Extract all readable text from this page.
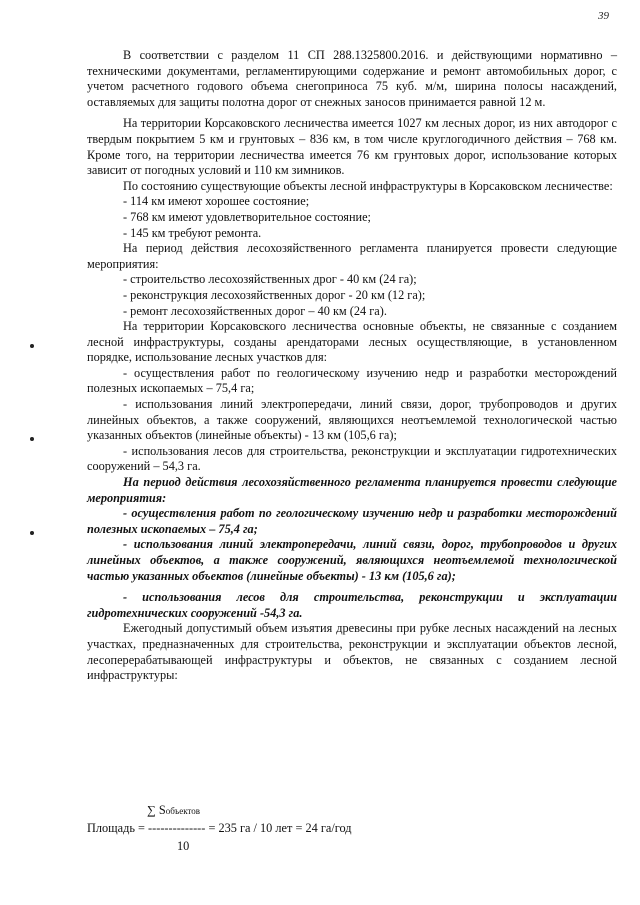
39

В соответствии с разделом 11 СП 288.1325800.2016. и действующими нормативно – техническими документами, регламентирующими содержание и ремонт автомобильных дорог, с учетом расчетного годового объема снегоприноса 75 куб. м/м, ширина полосы насаждений, оставляемых для защиты полотна дорог от снежных заносов принимается равной 12 м.

На территории Корсаковского лесничества имеется 1027 км лесных дорог, из них автодорог с твердым покрытием 5 км и грунтовых – 836 км, в том числе круглогодичного действия – 768 км. Кроме того, на территории лесничества имеется 76 км грунтовых дорог, использование которых зависит от погодных условий и 110 км зимников.

По состоянию существующие объекты лесной инфраструктуры в Корсаковском лесничестве:

- 114 км имеют хорошее состояние;

- 768 км имеют удовлетворительное состояние;

- 145 км требуют ремонта.

На период действия лесохозяйственного регламента планируется провести следующие мероприятия:

- строительство лесохозяйственных дрог - 40 км (24 га);

- реконструкция лесохозяйственных дорог - 20 км (12 га);

- ремонт лесохозяйственных дорог – 40 км (24 га).

На территории Корсаковского лесничества основные объекты, не связанные с созданием лесной инфраструктуры, созданы арендаторами лесных осуществляющие, в установленном порядке, использование лесных участков для:

- осуществления работ по геологическому изучению недр и разработки месторождений полезных ископаемых – 75,4 га;

- использования линий электропередачи, линий связи, дорог, трубопроводов и других линейных объектов, а также сооружений, являющихся неотъемлемой технологической частью указанных объектов (линейные объекты) - 13 км (105,6 га);

- использования лесов для строительства, реконструкции и эксплуатации гидротехнических сооружений – 54,3 га.

На период действия лесохозяйственного регламента планируется провести следующие мероприятия:

- осуществления работ по геологическому изучению недр и разработки месторождений полезных ископаемых – 75,4 га;

- использования линий электропередачи, линий связи, дорог, трубопроводов и других линейных объектов, а также сооружений, являющихся неотъемлемой технологической частью указанных объектов (линейные объекты) - 13 км (105,6 га);

- использования лесов для строительства, реконструкции и эксплуатации гидротехнических сооружений -54,3 га.

Ежегодный допустимый объем изъятия древесины при рубке лесных насаждений на лесных участках, предназначенных для строительства, реконструкции и эксплуатации объектов лесной, лесоперерабатывающей инфраструктуры и объектов, не связанных с созданием лесной инфраструктуры:

∑ Sобъектов
Площадь = -------------- = 235 га / 10 лет = 24 га/год
10
